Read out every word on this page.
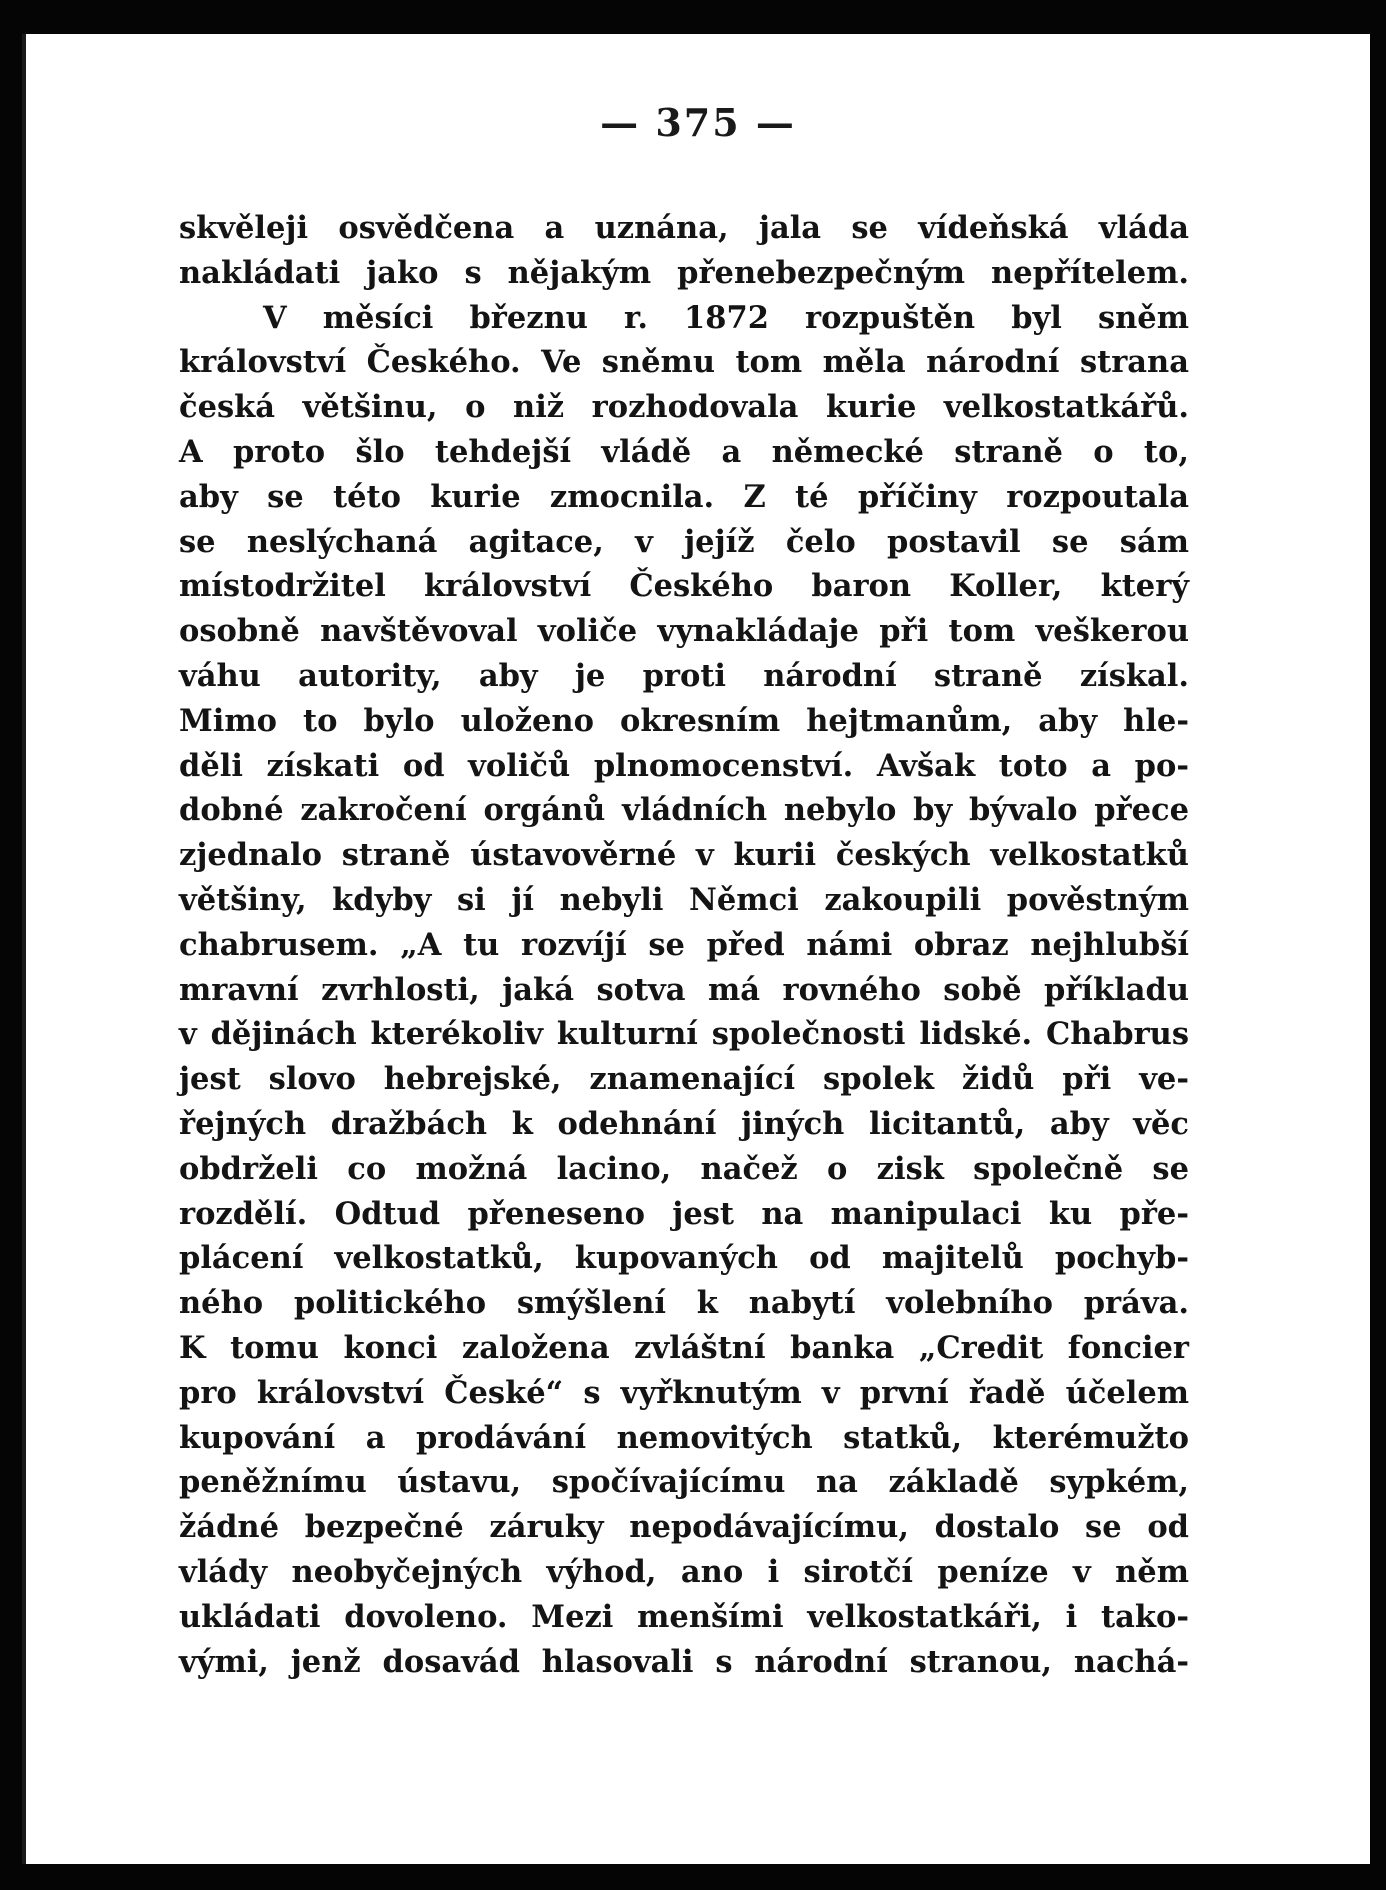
— 375 —
skvěleji osvědčena a uznána, jala se vídeňská vláda
nakládati jako s nějakým přenebezpečným nepřítelem.
V měsíci březnu r. 1872 rozpuštěn byl sněm
království Českého. Ve sněmu tom měla národní strana
česká většinu, o niž rozhodovala kurie velkostatkářů.
A proto šlo tehdejší vládě a německé straně o to,
aby se této kurie zmocnila. Z té příčiny rozpoutala
se neslýchaná agitace, v jejíž čelo postavil se sám
místodržitel království Českého baron Koller, který
osobně navštěvoval voliče vynakládaje při tom veškerou
váhu autority, aby je proti národní straně získal.
Mimo to bylo uloženo okresním hejtmanům, aby hle-
děli získati od voličů plnomocenství. Avšak toto a po-
dobné zakročení orgánů vládních nebylo by bývalo přece
zjednalo straně ústavověrné v kurii českých velkostatků
většiny, kdyby si jí nebyli Němci zakoupili pověstným
chabrusem. „A tu rozvíjí se před námi obraz nejhlubší
mravní zvrhlosti, jaká sotva má rovného sobě příkladu
v dějinách kterékoliv kulturní společnosti lidské. Chabrus
jest slovo hebrejské, znamenající spolek židů při ve-
řejných dražbách k odehnání jiných licitantů, aby věc
obdrželi co možná lacino, načež o zisk společně se
rozdělí. Odtud přeneseno jest na manipulaci ku pře-
plácení velkostatků, kupovaných od majitelů pochyb-
ného politického smýšlení k nabytí volebního práva.
K tomu konci založena zvláštní banka „Credit foncier
pro království České“ s vyřknutým v první řadě účelem
kupování a prodávání nemovitých statků, kterémužto
peněžnímu ústavu, spočívajícímu na základě sypkém,
žádné bezpečné záruky nepodávajícímu, dostalo se od
vlády neobyčejných výhod, ano i sirotčí peníze v něm
ukládati dovoleno. Mezi menšími velkostatkáři, i tako-
vými, jenž dosavád hlasovali s národní stranou, nachá-
